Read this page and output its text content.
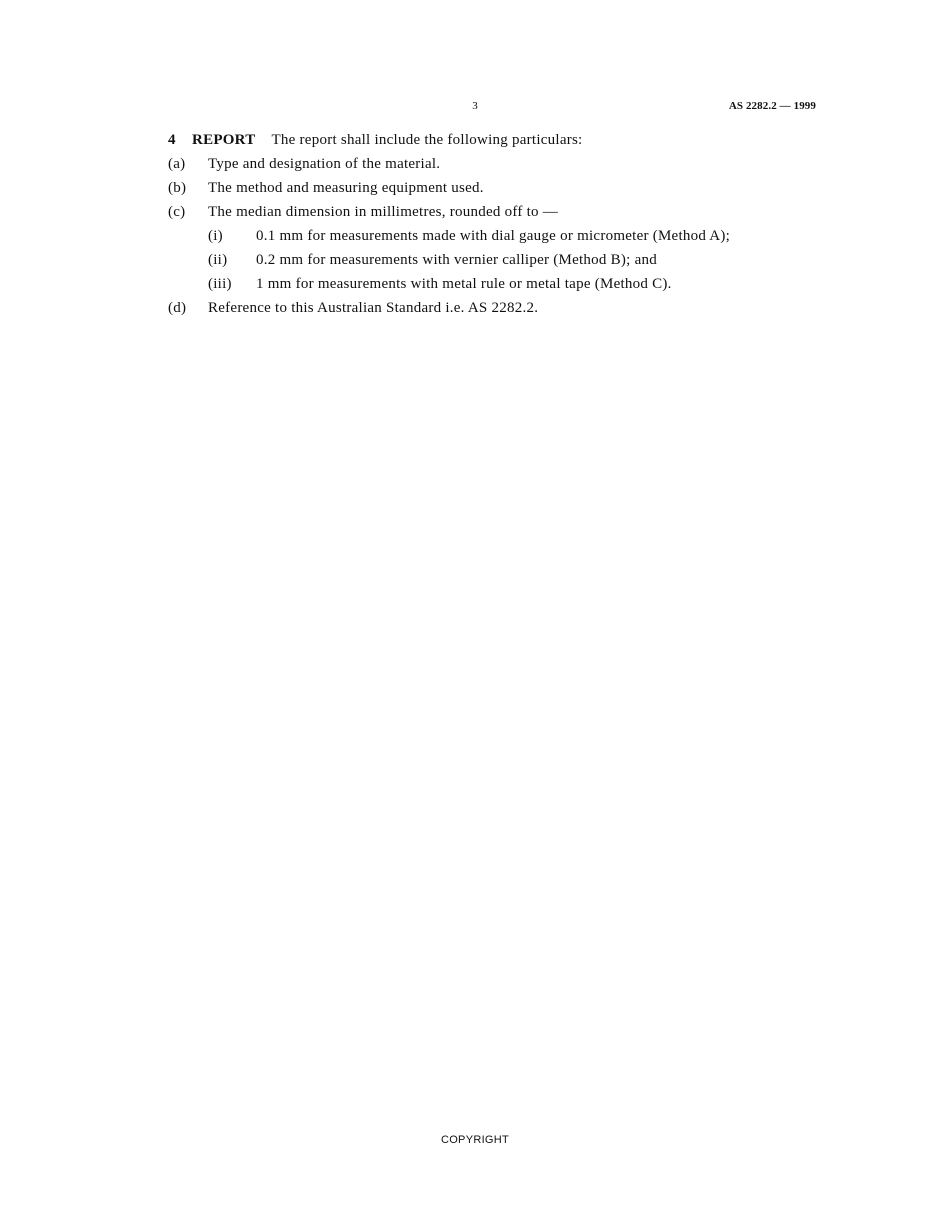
3	AS 2282.2 — 1999
4 REPORT The report shall include the following particulars:
(a) Type and designation of the material.
(b) The method and measuring equipment used.
(c) The median dimension in millimetres, rounded off to —
(i) 0.1 mm for measurements made with dial gauge or micrometer (Method A);
(ii) 0.2 mm for measurements with vernier calliper (Method B); and
(iii) 1 mm for measurements with metal rule or metal tape (Method C).
(d) Reference to this Australian Standard i.e. AS 2282.2.
COPYRIGHT
